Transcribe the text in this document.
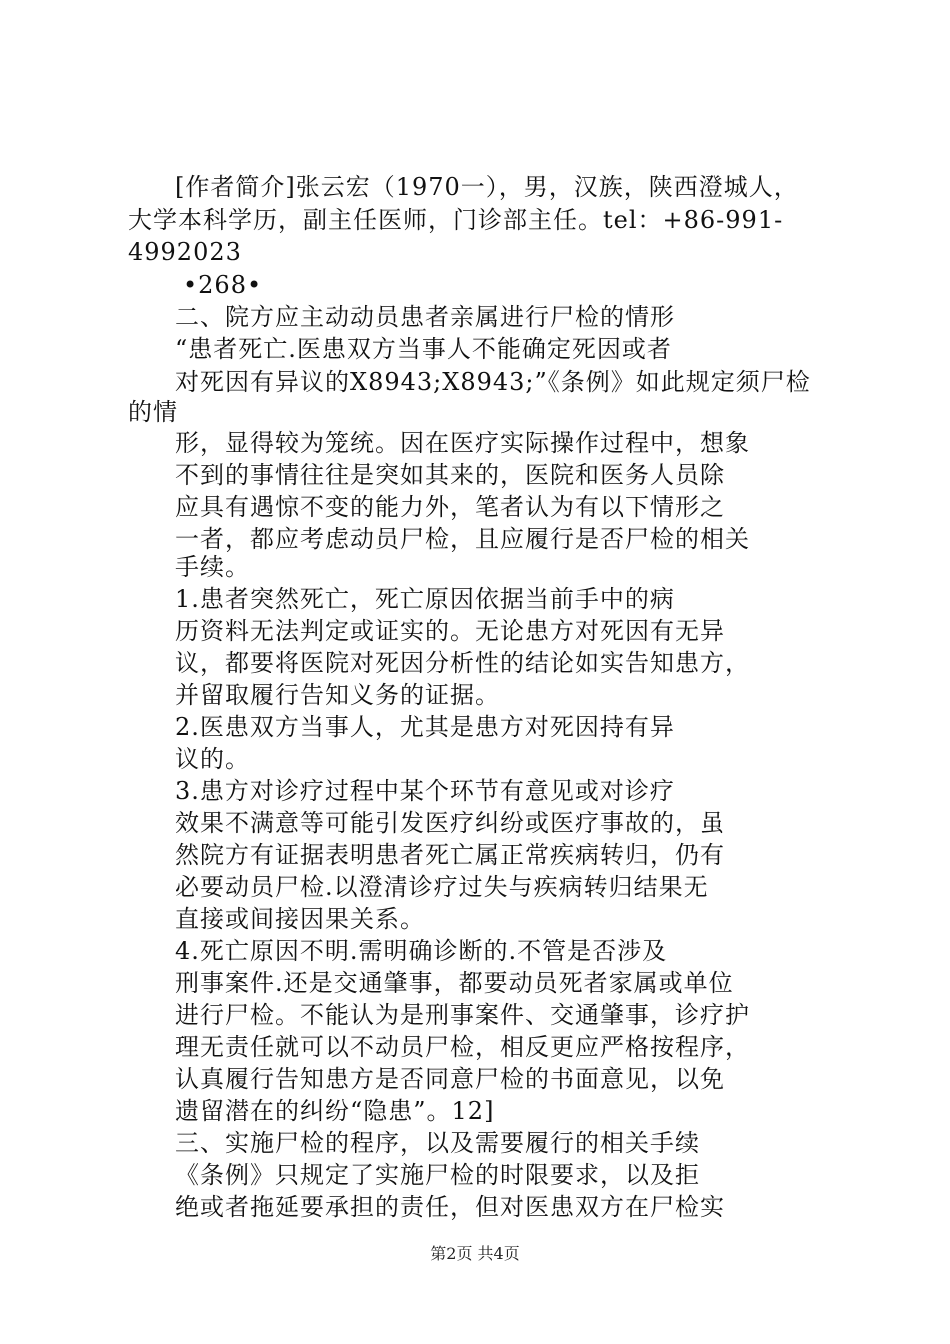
[作者简介]张云宏（1970一），男，汉族，陕西澄城人，
大学本科学历，副主任医师，门诊部主任。tel：+86-991-
4992023
•268•
二、院方应主动动员患者亲属进行尸检的情形
“患者死亡.医患双方当事人不能确定死因或者
对死因有异议的X8943;X8943;”《条例》如此规定须尸检
的情
形，显得较为笼统。因在医疗实际操作过程中，想象
不到的事情往往是突如其来的，医院和医务人员除
应具有遇惊不变的能力外，笔者认为有以下情形之
一者，都应考虑动员尸检，且应履行是否尸检的相关
手续。
1.患者突然死亡，死亡原因依据当前手中的病
历资料无法判定或证实的。无论患方对死因有无异
议，都要将医院对死因分析性的结论如实告知患方，
并留取履行告知义务的证据。
2.医患双方当事人，尤其是患方对死因持有异
议的。
3.患方对诊疗过程中某个环节有意见或对诊疗
效果不满意等可能引发医疗纠纷或医疗事故的，虽
然院方有证据表明患者死亡属正常疾病转归，仍有
必要动员尸检.以澄清诊疗过失与疾病转归结果无
直接或间接因果关系。
4.死亡原因不明.需明确诊断的.不管是否涉及
刑事案件.还是交通肇事，都要动员死者家属或单位
进行尸检。不能认为是刑事案件、交通肇事，诊疗护
理无责任就可以不动员尸检，相反更应严格按程序，
认真履行告知患方是否同意尸检的书面意见，以免
遗留潜在的纠纷“隐患”。12]
三、实施尸检的程序，以及需要履行的相关手续
《条例》只规定了实施尸检的时限要求，以及拒
绝或者拖延要承担的责任，但对医患双方在尸检实
第2页 共4页
